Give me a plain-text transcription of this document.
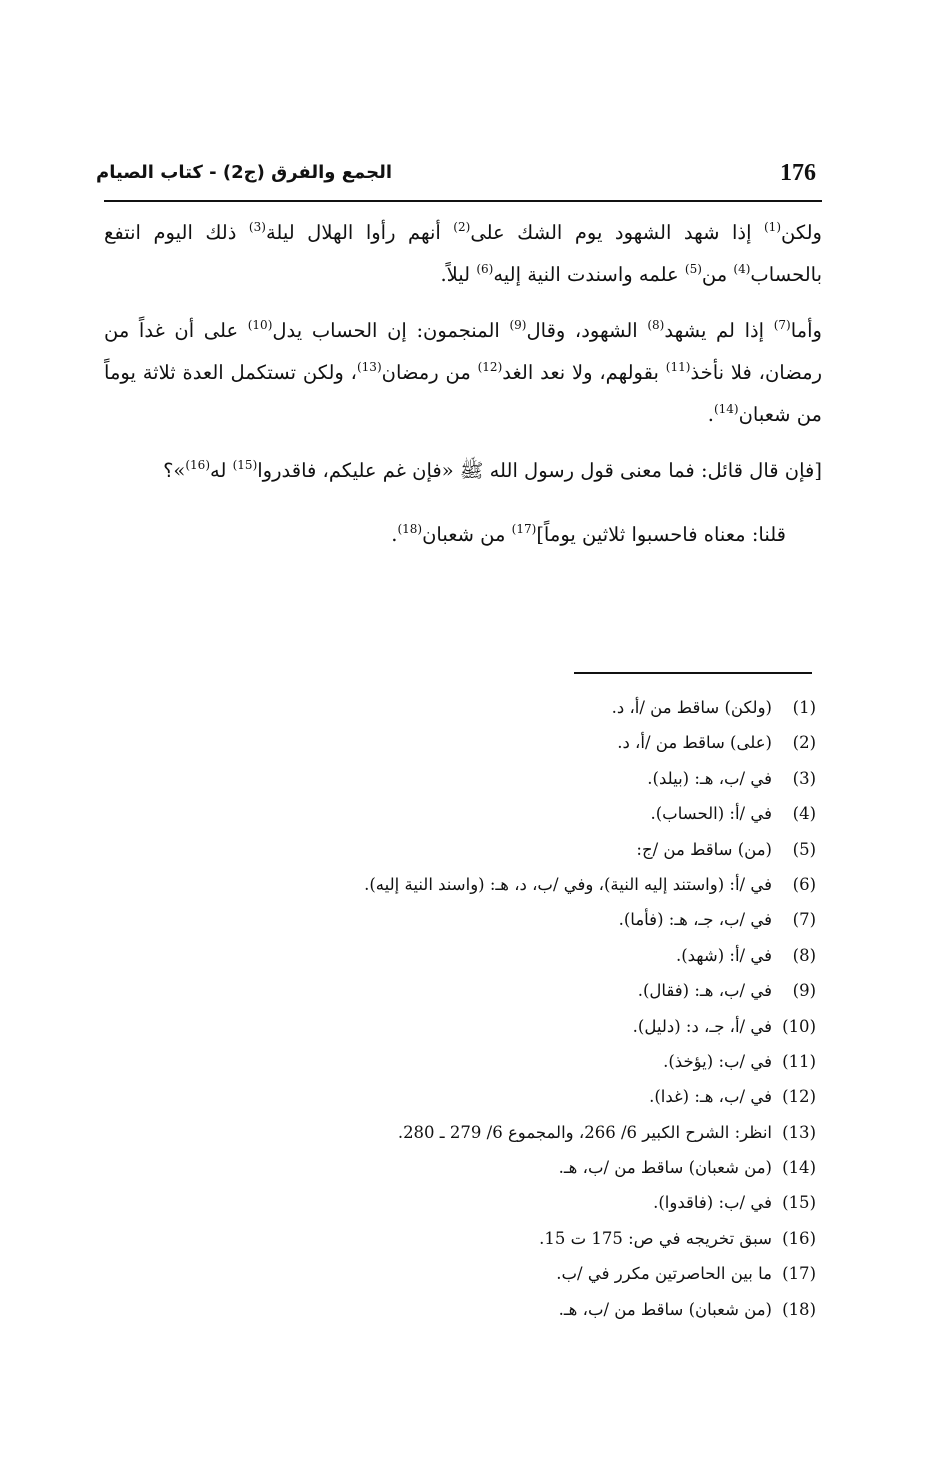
176
الجمع والفرق (ج2) - كتاب الصيام

ولكن$^{(1)}$ إذا شهد الشهود يوم الشك على$^{(2)}$ أنهم رأوا الهلال ليلة$^{(3)}$ ذلك اليوم انتفع بالحساب$^{(4)}$ من$^{(5)}$ علمه واسندت النية إليه$^{(6)}$ ليلاً.

وأما$^{(7)}$ إذا لم يشهد$^{(8)}$ الشهود، وقال$^{(9)}$ المنجمون: إن الحساب يدل$^{(10)}$ على أن غداً من رمضان، فلا نأخذ$^{(11)}$ بقولهم، ولا نعد الغد$^{(12)}$ من رمضان$^{(13)}$، ولكن تستكمل العدة ثلاثة يوماً من شعبان$^{(14)}$.

[فإن قال قائل: فما معنى قول رسول الله ﷺ «فإن غم عليكم، فاقدروا$^{(15)}$ له$^{(16)}$»؟

قلنا: معناه فاحسبوا ثلاثين يوماً]$^{(17)}$ من شعبان$^{(18)}$.

(1)(ولكن) ساقط من /أ، د.
(2)(على) ساقط من /أ، د.
(3)في /ب، هـ: (بيلد).
(4)في /أ: (الحساب).
(5)(من) ساقط من /ج:
(6)في /أ: (واستند إليه النية)، وفي /ب، د، هـ: (واسند النية إليه).
(7)في /ب، جـ، هـ: (فأما).
(8)في /أ: (شهد).
(9)في /ب، هـ: (فقال).
(10)في /أ، جـ، د: (دليل).
(11)في /ب: (يؤخذ).
(12)في /ب، هـ: (غدا).
(13)انظر: الشرح الكبير 6/ 266، والمجموع 6/ 279 ـ 280.
(14)(من شعبان) ساقط من /ب، هـ.
(15)في /ب: (فاقدوا).
(16)سبق تخريجه في ص: 175 ت 15.
(17)ما بين الحاصرتين مكرر في /ب.
(18)(من شعبان) ساقط من /ب، هـ.
